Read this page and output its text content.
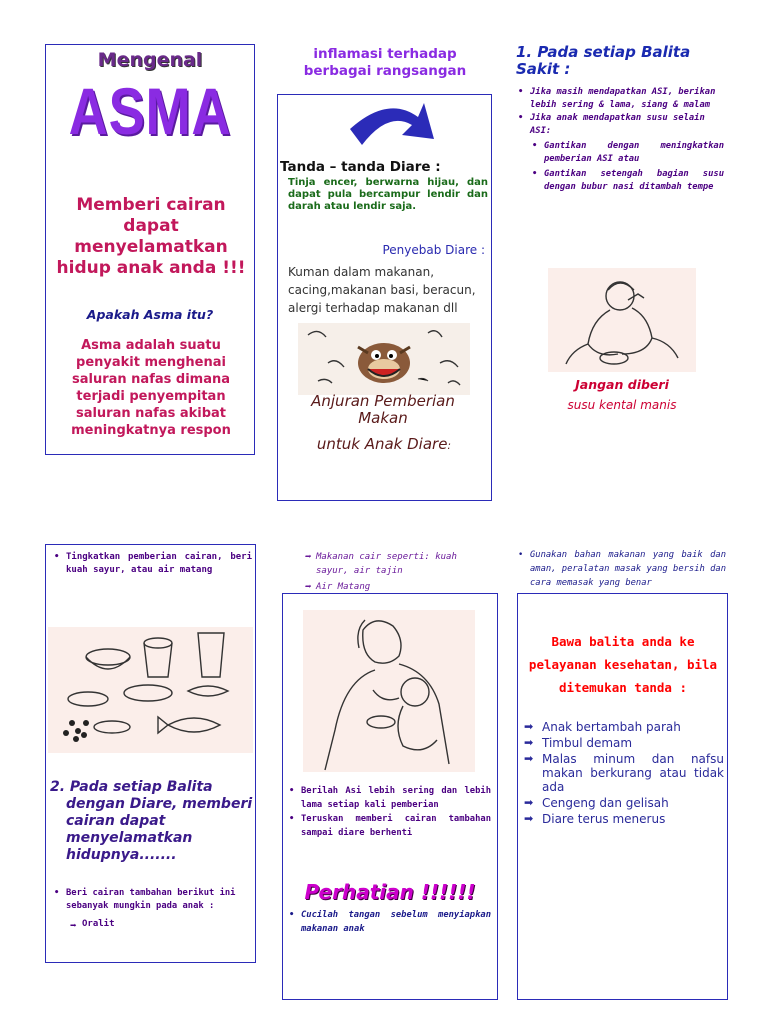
Mengenal
ASMA
Memberi cairan dapat menyelamatkan hidup anak anda !!!
Apakah Asma itu?
Asma adalah suatu penyakit menghenai saluran nafas dimana terjadi penyempitan saluran nafas akibat meningkatnya respon
inflamasi terhadap berbagai rangsangan
Tanda – tanda Diare :
Tinja encer, berwarna hijau, dan dapat pula bercampur lendir dan darah atau lendir saja.
Penyebab Diare :
Kuman dalam makanan, cacing,makanan basi, beracun, alergi terhadap makanan dll
Anjuran Pemberian Makan
untuk Anak Diare:
1. Pada setiap Balita Sakit :
• Jika masih mendapatkan ASI, berikan lebih sering & lama, siang & malam
• Jika anak mendapatkan susu selain ASI:
• Gantikan dengan meningkatkan pemberian ASI atau
• Gantikan setengah bagian susu dengan bubur nasi ditambah tempe
Jangan diberi
susu kental manis
• Tingkatkan pemberian cairan, beri kuah sayur, atau air matang
2. Pada setiap Balita dengan Diare, memberi cairan dapat menyelamatkan hidupnya.......
• Beri cairan tambahan berikut ini sebanyak mungkin pada anak :
➡ Oralit
➡ Makanan cair seperti: kuah sayur, air tajin
➡ Air Matang
• Berilah Asi lebih sering dan lebih lama setiap kali pemberian
• Teruskan memberi cairan tambahan sampai diare berhenti
Perhatian !!!!!!
• Cucilah tangan sebelum menyiapkan makanan anak
• Gunakan bahan makanan yang baik dan aman, peralatan masak yang bersih dan cara memasak yang benar
Bawa balita anda ke pelayanan kesehatan, bila ditemukan tanda :
➡ Anak bertambah parah
➡ Timbul demam
➡ Malas minum dan nafsu makan berkurang atau tidak ada
➡ Cengeng dan gelisah
➡ Diare terus menerus
